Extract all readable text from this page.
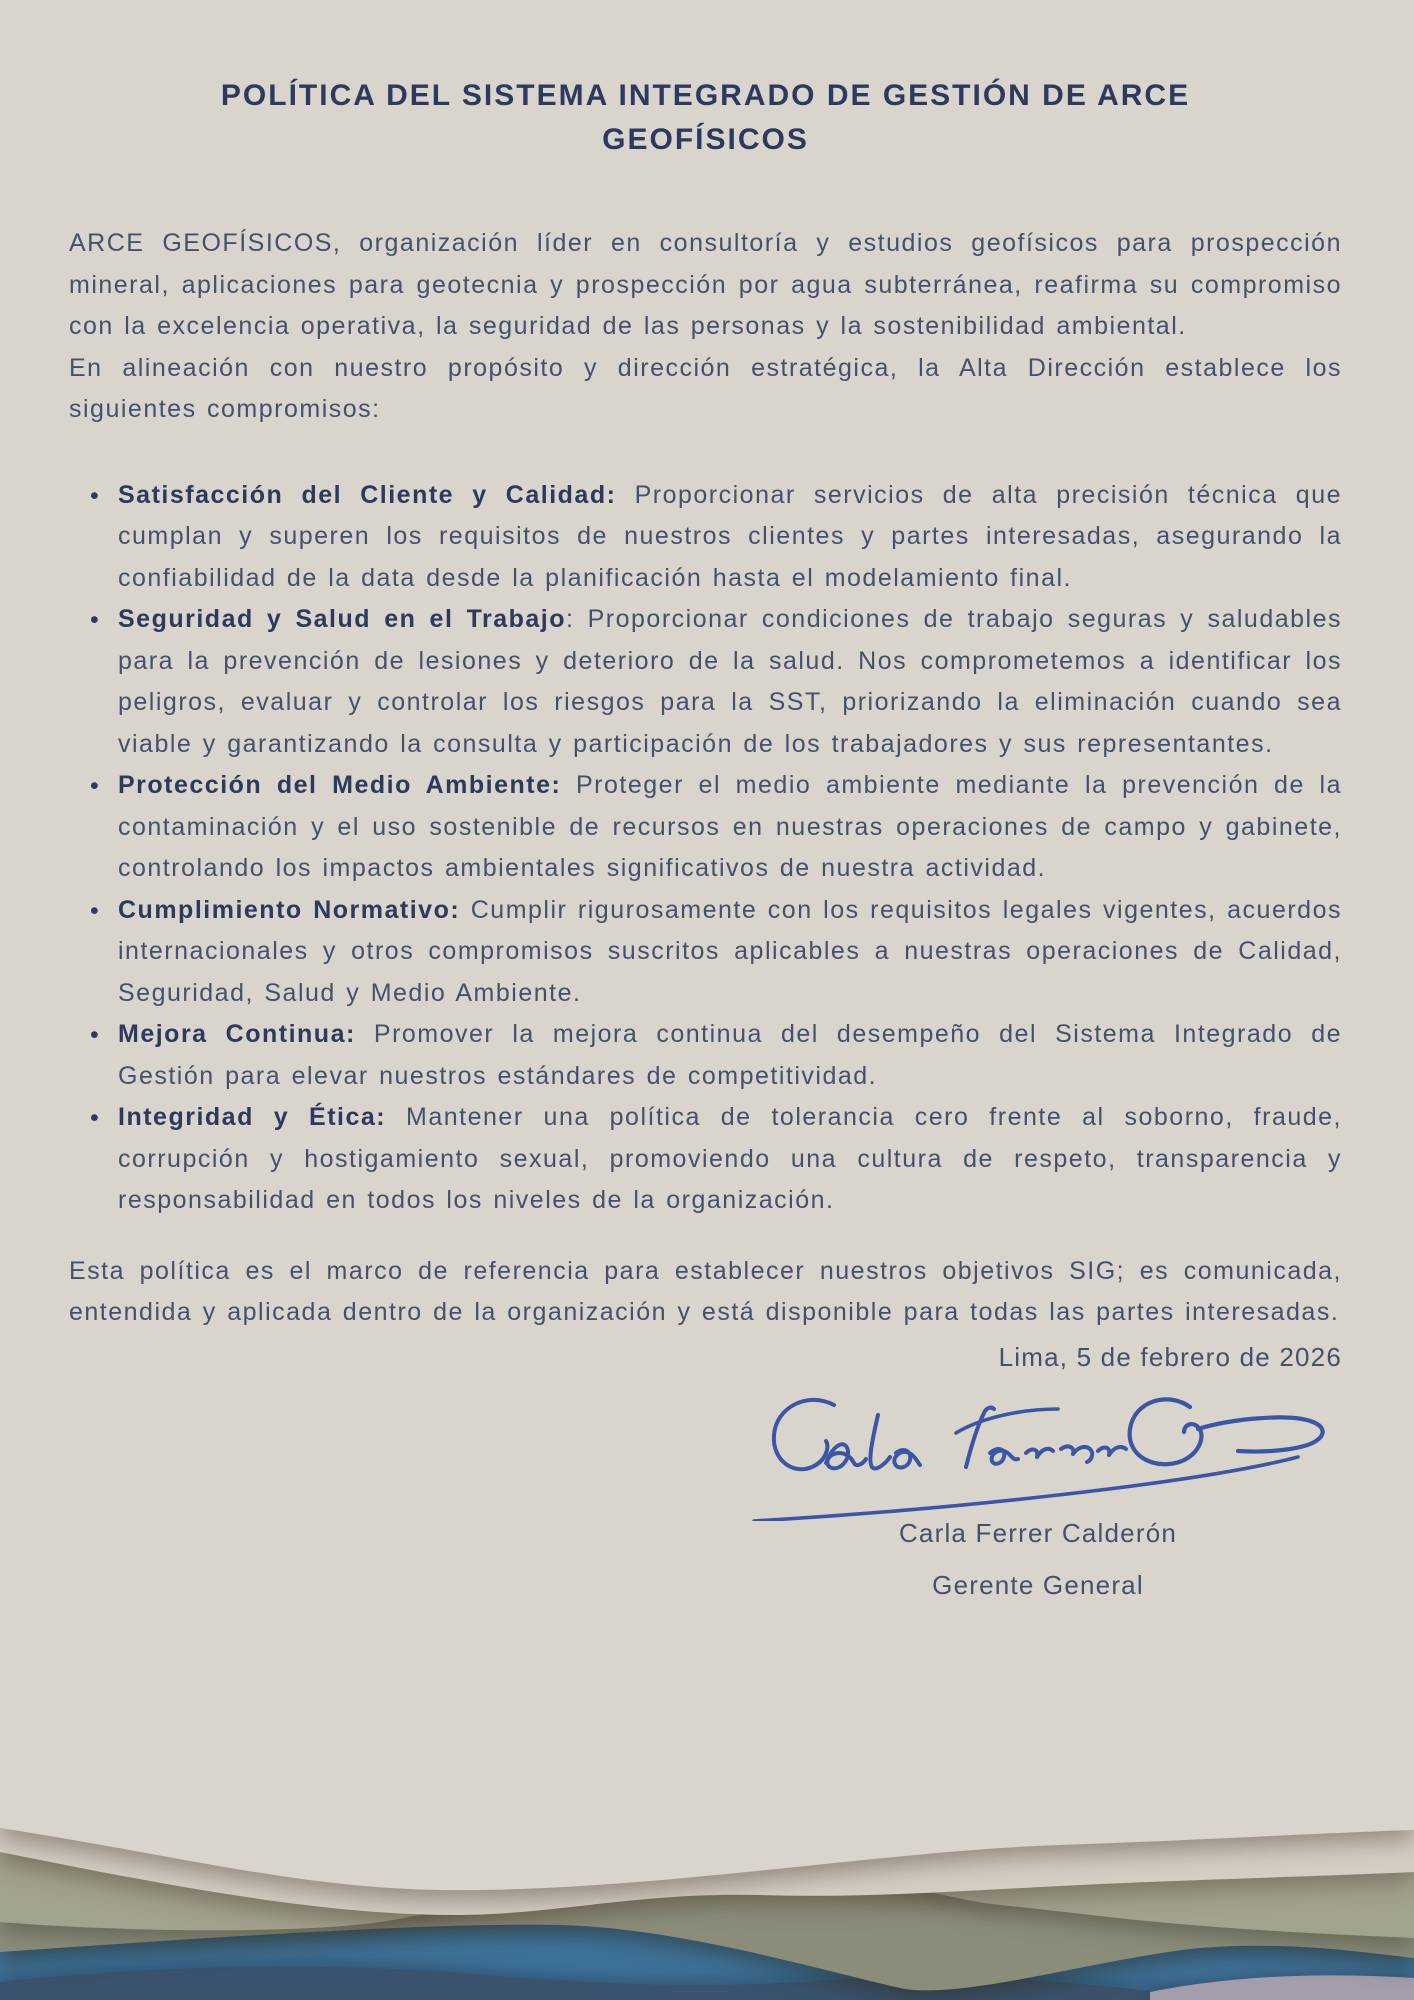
POLÍTICA DEL SISTEMA INTEGRADO DE GESTIÓN DE ARCE GEOFÍSICOS

ARCE GEOFÍSICOS, organización líder en consultoría y estudios geofísicos para prospección mineral, aplicaciones para geotecnia y prospección por agua subterránea, reafirma su compromiso con la excelencia operativa, la seguridad de las personas y la sostenibilidad ambiental.

En alineación con nuestro propósito y dirección estratégica, la Alta Dirección establece los siguientes compromisos:

• Satisfacción del Cliente y Calidad: Proporcionar servicios de alta precisión técnica que cumplan y superen los requisitos de nuestros clientes y partes interesadas, asegurando la confiabilidad de la data desde la planificación hasta el modelamiento final.
• Seguridad y Salud en el Trabajo: Proporcionar condiciones de trabajo seguras y saludables para la prevención de lesiones y deterioro de la salud. Nos comprometemos a identificar los peligros, evaluar y controlar los riesgos para la SST, priorizando la eliminación cuando sea viable y garantizando la consulta y participación de los trabajadores y sus representantes.
• Protección del Medio Ambiente: Proteger el medio ambiente mediante la prevención de la contaminación y el uso sostenible de recursos en nuestras operaciones de campo y gabinete, controlando los impactos ambientales significativos de nuestra actividad.
• Cumplimiento Normativo: Cumplir rigurosamente con los requisitos legales vigentes, acuerdos internacionales y otros compromisos suscritos aplicables a nuestras operaciones de Calidad, Seguridad, Salud y Medio Ambiente.
• Mejora Continua: Promover la mejora continua del desempeño del Sistema Integrado de Gestión para elevar nuestros estándares de competitividad.
• Integridad y Ética: Mantener una política de tolerancia cero frente al soborno, fraude, corrupción y hostigamiento sexual, promoviendo una cultura de respeto, transparencia y responsabilidad en todos los niveles de la organización.

Esta política es el marco de referencia para establecer nuestros objetivos SIG; es comunicada, entendida y aplicada dentro de la organización y está disponible para todas las partes interesadas.

Lima, 5 de febrero de 2026

Carla Ferrer Calderón
Gerente General
